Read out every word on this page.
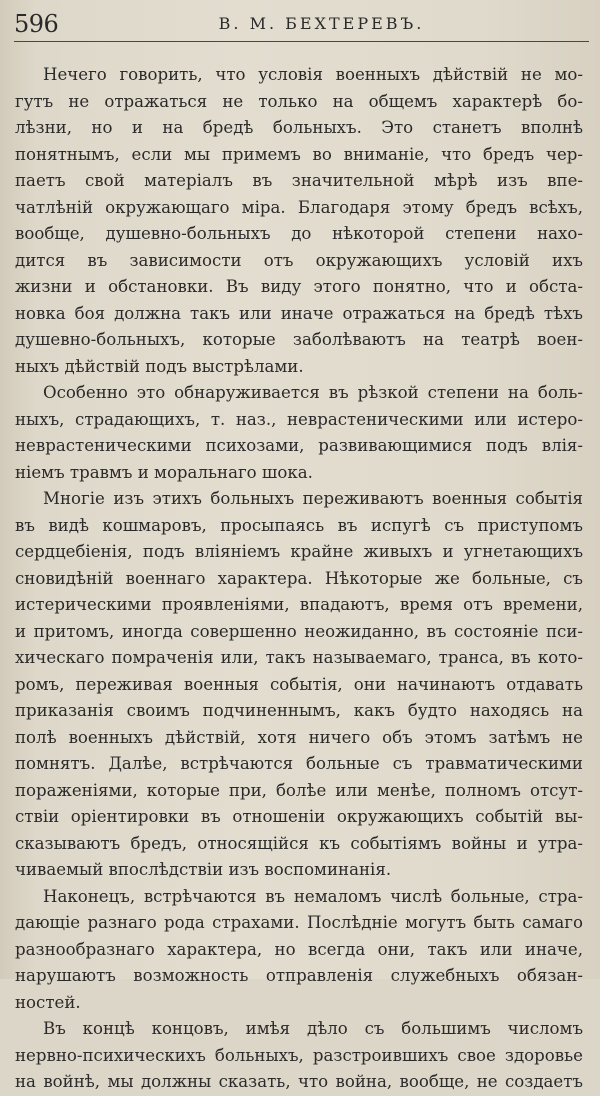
596	В. М. БЕХТЕРЕВЪ.
Нечего говорить, что условія военныхъ дѣйствій не мо-
гутъ не отражаться не только на общемъ характерѣ бо-
лѣзни, но и на бредѣ больныхъ. Это станетъ вполнѣ
понятнымъ, если мы примемъ во вниманіе, что бредъ чер-
паетъ свой матеріалъ въ значительной мѣрѣ изъ впе-
чатлѣній окружающаго міра. Благодаря этому бредъ всѣхъ,
вообще, душевно-больныхъ до нѣкоторой степени нахо-
дится въ зависимости отъ окружающихъ условій ихъ
жизни и обстановки. Въ виду этого понятно, что и обста-
новка боя должна такъ или иначе отражаться на бредѣ тѣхъ
душевно-больныхъ, которые заболѣваютъ на театрѣ воен-
ныхъ дѣйствій подъ выстрѣлами.
Особенно это обнаруживается въ рѣзкой степени на боль-
ныхъ, страдающихъ, т. наз., неврастеническими или истеро-
неврастеническими психозами, развивающимися подъ влія-
ніемъ травмъ и моральнаго шока.
Многіе изъ этихъ больныхъ переживаютъ военныя событія
въ видѣ кошмаровъ, просыпаясь въ испугѣ съ приступомъ
сердцебіенія, подъ вліяніемъ крайне живыхъ и угнетающихъ
сновидѣній военнаго характера. Нѣкоторые же больные, съ
истерическими проявленіями, впадаютъ, время отъ времени,
и притомъ, иногда совершенно неожиданно, въ состояніе пси-
хическаго помраченія или, такъ называемаго, транса, въ кото-
ромъ, переживая военныя событія, они начинаютъ отдавать
приказанія своимъ подчиненнымъ, какъ будто находясь на
полѣ военныхъ дѣйствій, хотя ничего объ этомъ затѣмъ не
помнятъ. Далѣе, встрѣчаются больные съ травматическими
пораженіями, которые при, болѣе или менѣе, полномъ отсут-
ствіи оріентировки въ отношеніи окружающихъ событій вы-
сказываютъ бредъ, относящійся къ событіямъ войны и утра-
чиваемый впослѣдствіи изъ воспоминанія.
Наконецъ, встрѣчаются въ немаломъ числѣ больные, стра-
дающіе разнаго рода страхами. Послѣдніе могутъ быть самаго
разнообразнаго характера, но всегда они, такъ или иначе,
нарушаютъ возможность отправленія служебныхъ обязан-
ностей.
Въ концѣ концовъ, имѣя дѣло съ большимъ числомъ
нервно-психическихъ больныхъ, разстроившихъ свое здоровье
на войнѣ, мы должны сказать, что война, вообще, не создаетъ
